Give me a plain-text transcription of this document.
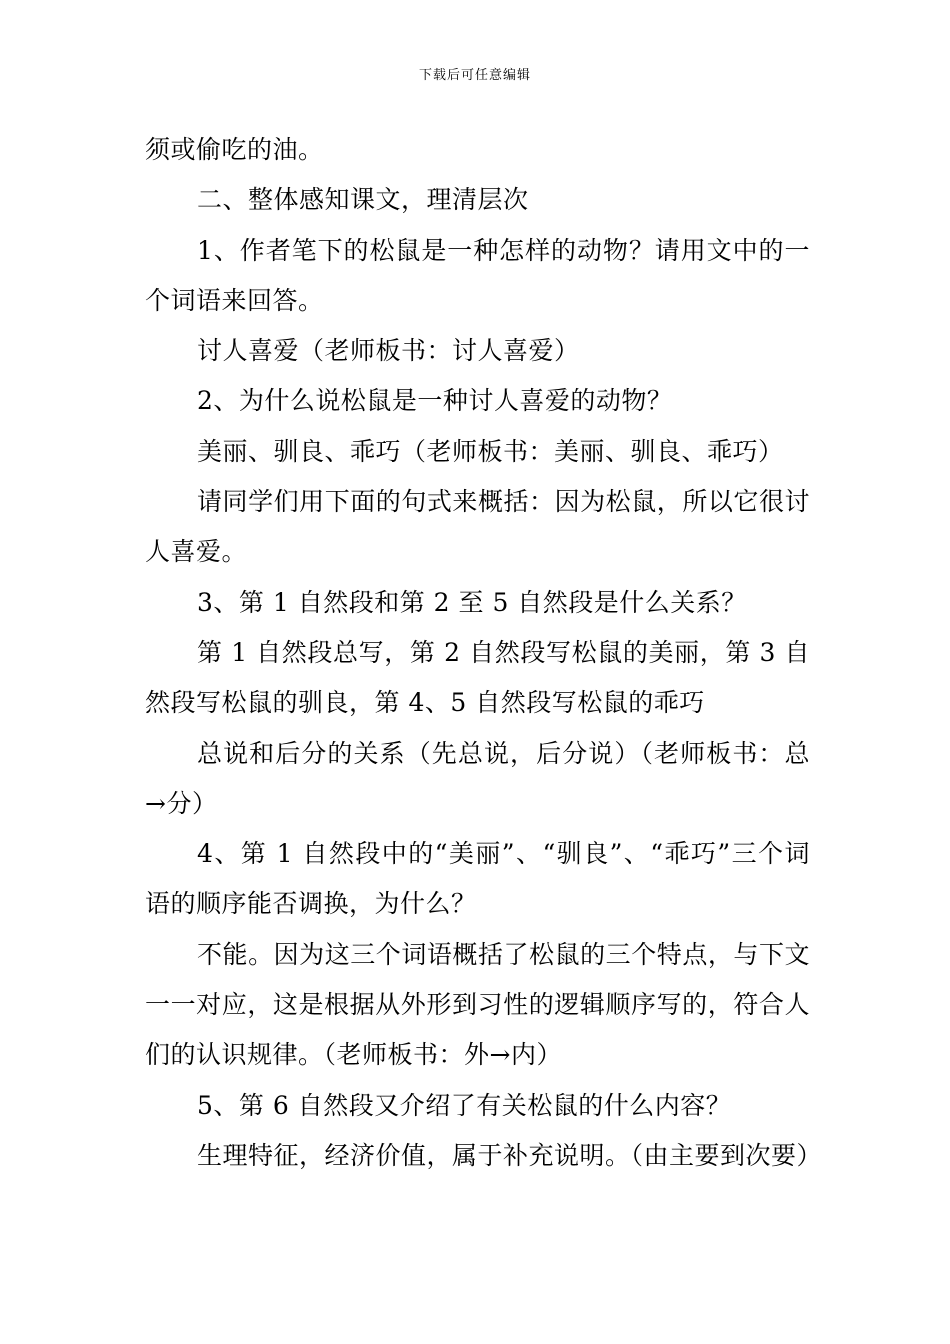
下载后可任意编辑

须或偷吃的油。

二、整体感知课文，理清层次

1、作者笔下的松鼠是一种怎样的动物？请用文中的一个词语来回答。

讨人喜爱（老师板书：讨人喜爱）

2、为什么说松鼠是一种讨人喜爱的动物？

美丽、驯良、乖巧（老师板书：美丽、驯良、乖巧）

请同学们用下面的句式来概括：因为松鼠，所以它很讨人喜爱。

3、第 1 自然段和第 2 至 5 自然段是什么关系？

第 1 自然段总写，第 2 自然段写松鼠的美丽，第 3 自然段写松鼠的驯良，第 4、5 自然段写松鼠的乖巧

总说和后分的关系（先总说，后分说）（老师板书：总→分）

4、第 1 自然段中的“美丽”、“驯良”、“乖巧”三个词语的顺序能否调换，为什么？

不能。因为这三个词语概括了松鼠的三个特点，与下文一一对应，这是根据从外形到习性的逻辑顺序写的，符合人们的认识规律。（老师板书：外→内）

5、第 6 自然段又介绍了有关松鼠的什么内容？

生理特征，经济价值，属于补充说明。（由主要到次要）
